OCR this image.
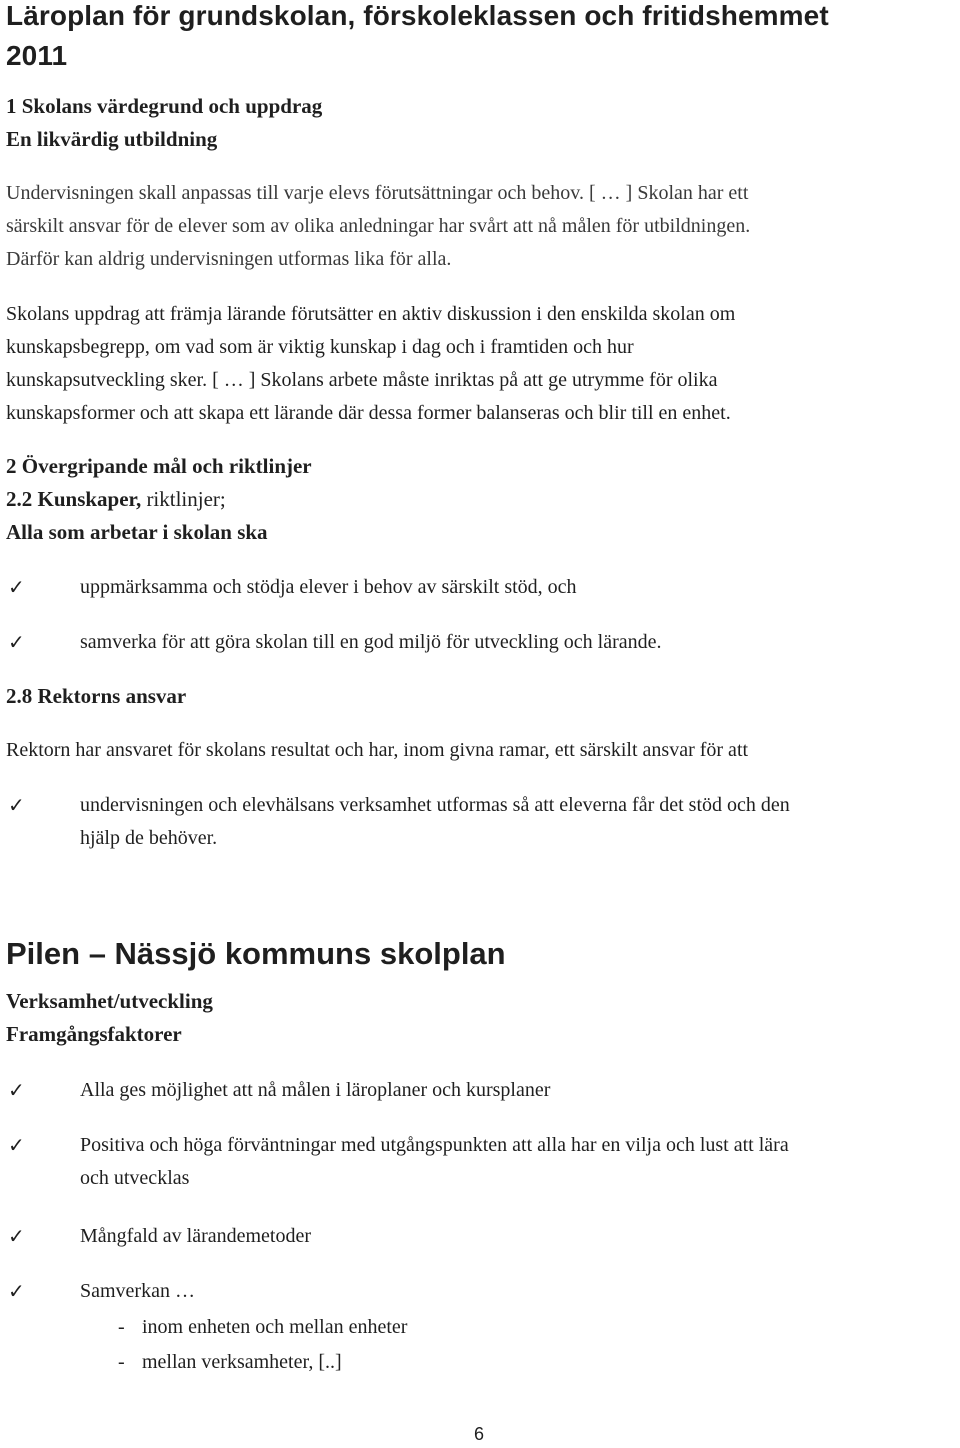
Läroplan för grundskolan, förskoleklassen och fritidshemmet
2011
1 Skolans värdegrund och uppdrag
En likvärdig utbildning
Undervisningen skall anpassas till varje elevs förutsättningar och behov. [ … ] Skolan har ett
särskilt ansvar för de elever som av olika anledningar har svårt att nå målen för utbildningen.
Därför kan aldrig undervisningen utformas lika för alla.
Skolans uppdrag att främja lärande förutsätter en aktiv diskussion i den enskilda skolan om
kunskapsbegrepp, om vad som är viktig kunskap i dag och i framtiden och hur
kunskapsutveckling sker. [ … ] Skolans arbete måste inriktas på att ge utrymme för olika
kunskapsformer och att skapa ett lärande där dessa former balanseras och blir till en enhet.
2 Övergripande mål och riktlinjer
2.2 Kunskaper, riktlinjer;
Alla som arbetar i skolan ska
✓	uppmärksamma och stödja elever i behov av särskilt stöd, och
✓	samverka för att göra skolan till en god miljö för utveckling och lärande.
2.8 Rektorns ansvar
Rektorn har ansvaret för skolans resultat och har, inom givna ramar, ett särskilt ansvar för att
✓	undervisningen och elevhälsans verksamhet utformas så att eleverna får det stöd och den
hjälp de behöver.
Pilen – Nässjö kommuns skolplan
Verksamhet/utveckling
Framgångsfaktorer
✓	Alla ges möjlighet att nå målen i läroplaner och kursplaner
✓	Positiva och höga förväntningar med utgångspunkten att alla har en vilja och lust att lära
och utvecklas
✓	Mångfald av lärandemetoder
✓	Samverkan …
- inom enheten och mellan enheter
- mellan verksamheter, [..]
6
